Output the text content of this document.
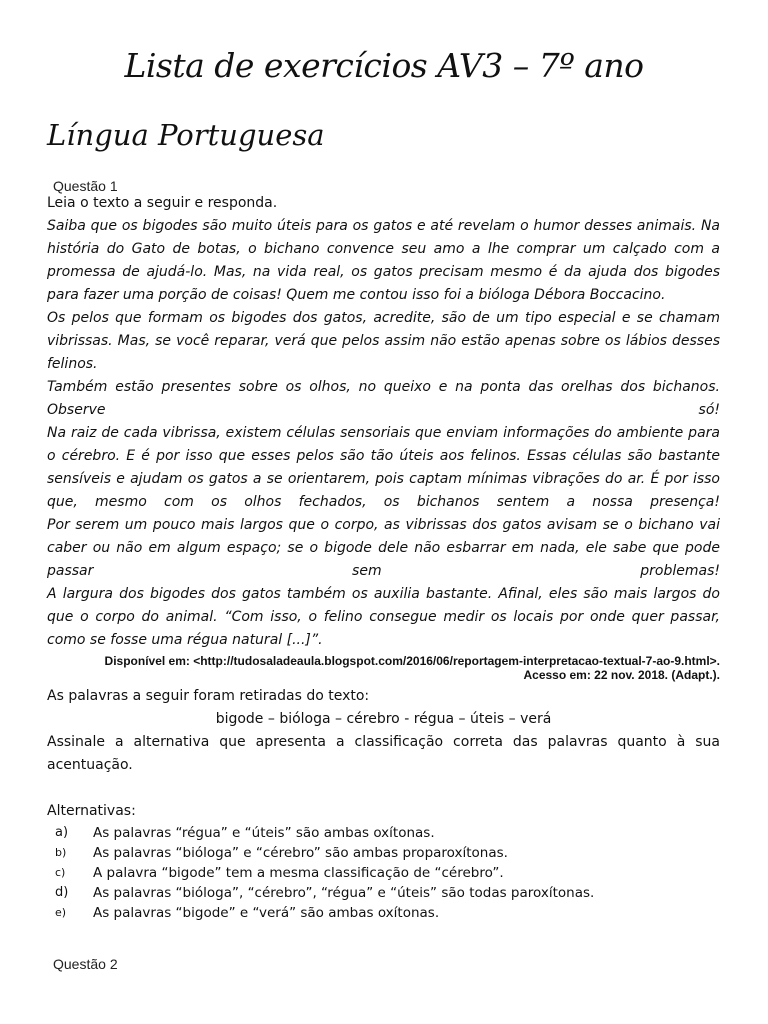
Lista de exercícios AV3 – 7º ano
Língua Portuguesa
Questão 1

Leia o texto a seguir e responda.

Saiba que os bigodes são muito úteis para os gatos e até revelam o humor desses animais. Na história do Gato de botas, o bichano convence seu amo a lhe comprar um calçado com a promessa de ajudá-lo. Mas, na vida real, os gatos precisam mesmo é da ajuda dos bigodes para fazer uma porção de coisas! Quem me contou isso foi a bióloga Débora Boccacino.

Os pelos que formam os bigodes dos gatos, acredite, são de um tipo especial e se chamam vibrissas. Mas, se você reparar, verá que pelos assim não estão apenas sobre os lábios desses felinos.

Também estão presentes sobre os olhos, no queixo e na ponta das orelhas dos bichanos. Observe só!

Na raiz de cada vibrissa, existem células sensoriais que enviam informações do ambiente para o cérebro. E é por isso que esses pelos são tão úteis aos felinos. Essas células são bastante sensíveis e ajudam os gatos a se orientarem, pois captam mínimas vibrações do ar. É por isso que, mesmo com os olhos fechados, os bichanos sentem a nossa presença!

Por serem um pouco mais largos que o corpo, as vibrissas dos gatos avisam se o bichano vai caber ou não em algum espaço; se o bigode dele não esbarrar em nada, ele sabe que pode passar sem problemas!

A largura dos bigodes dos gatos também os auxilia bastante. Afinal, eles são mais largos do que o corpo do animal. “Com isso, o felino consegue medir os locais por onde quer passar, como se fosse uma régua natural [...]”.

Disponível em: <http://tudosaladeaula.blogspot.com/2016/06/reportagem-interpretacao-textual-7-ao-9.html>.
Acesso em: 22 nov. 2018. (Adapt.).

As palavras a seguir foram retiradas do texto:

bigode – bióloga – cérebro - régua – úteis – verá

Assinale a alternativa que apresenta a classificação correta das palavras quanto à sua acentuação.

Alternativas:

a)	As palavras “régua” e “úteis” são ambas oxítonas.
b)	As palavras “bióloga” e “cérebro” são ambas proparoxítonas.
c)	A palavra “bigode” tem a mesma classificação de “cérebro”.
d)	As palavras “bióloga”, “cérebro”, “régua” e “úteis” são todas paroxítonas.
e)	As palavras “bigode” e “verá” são ambas oxítonas.
Questão 2
